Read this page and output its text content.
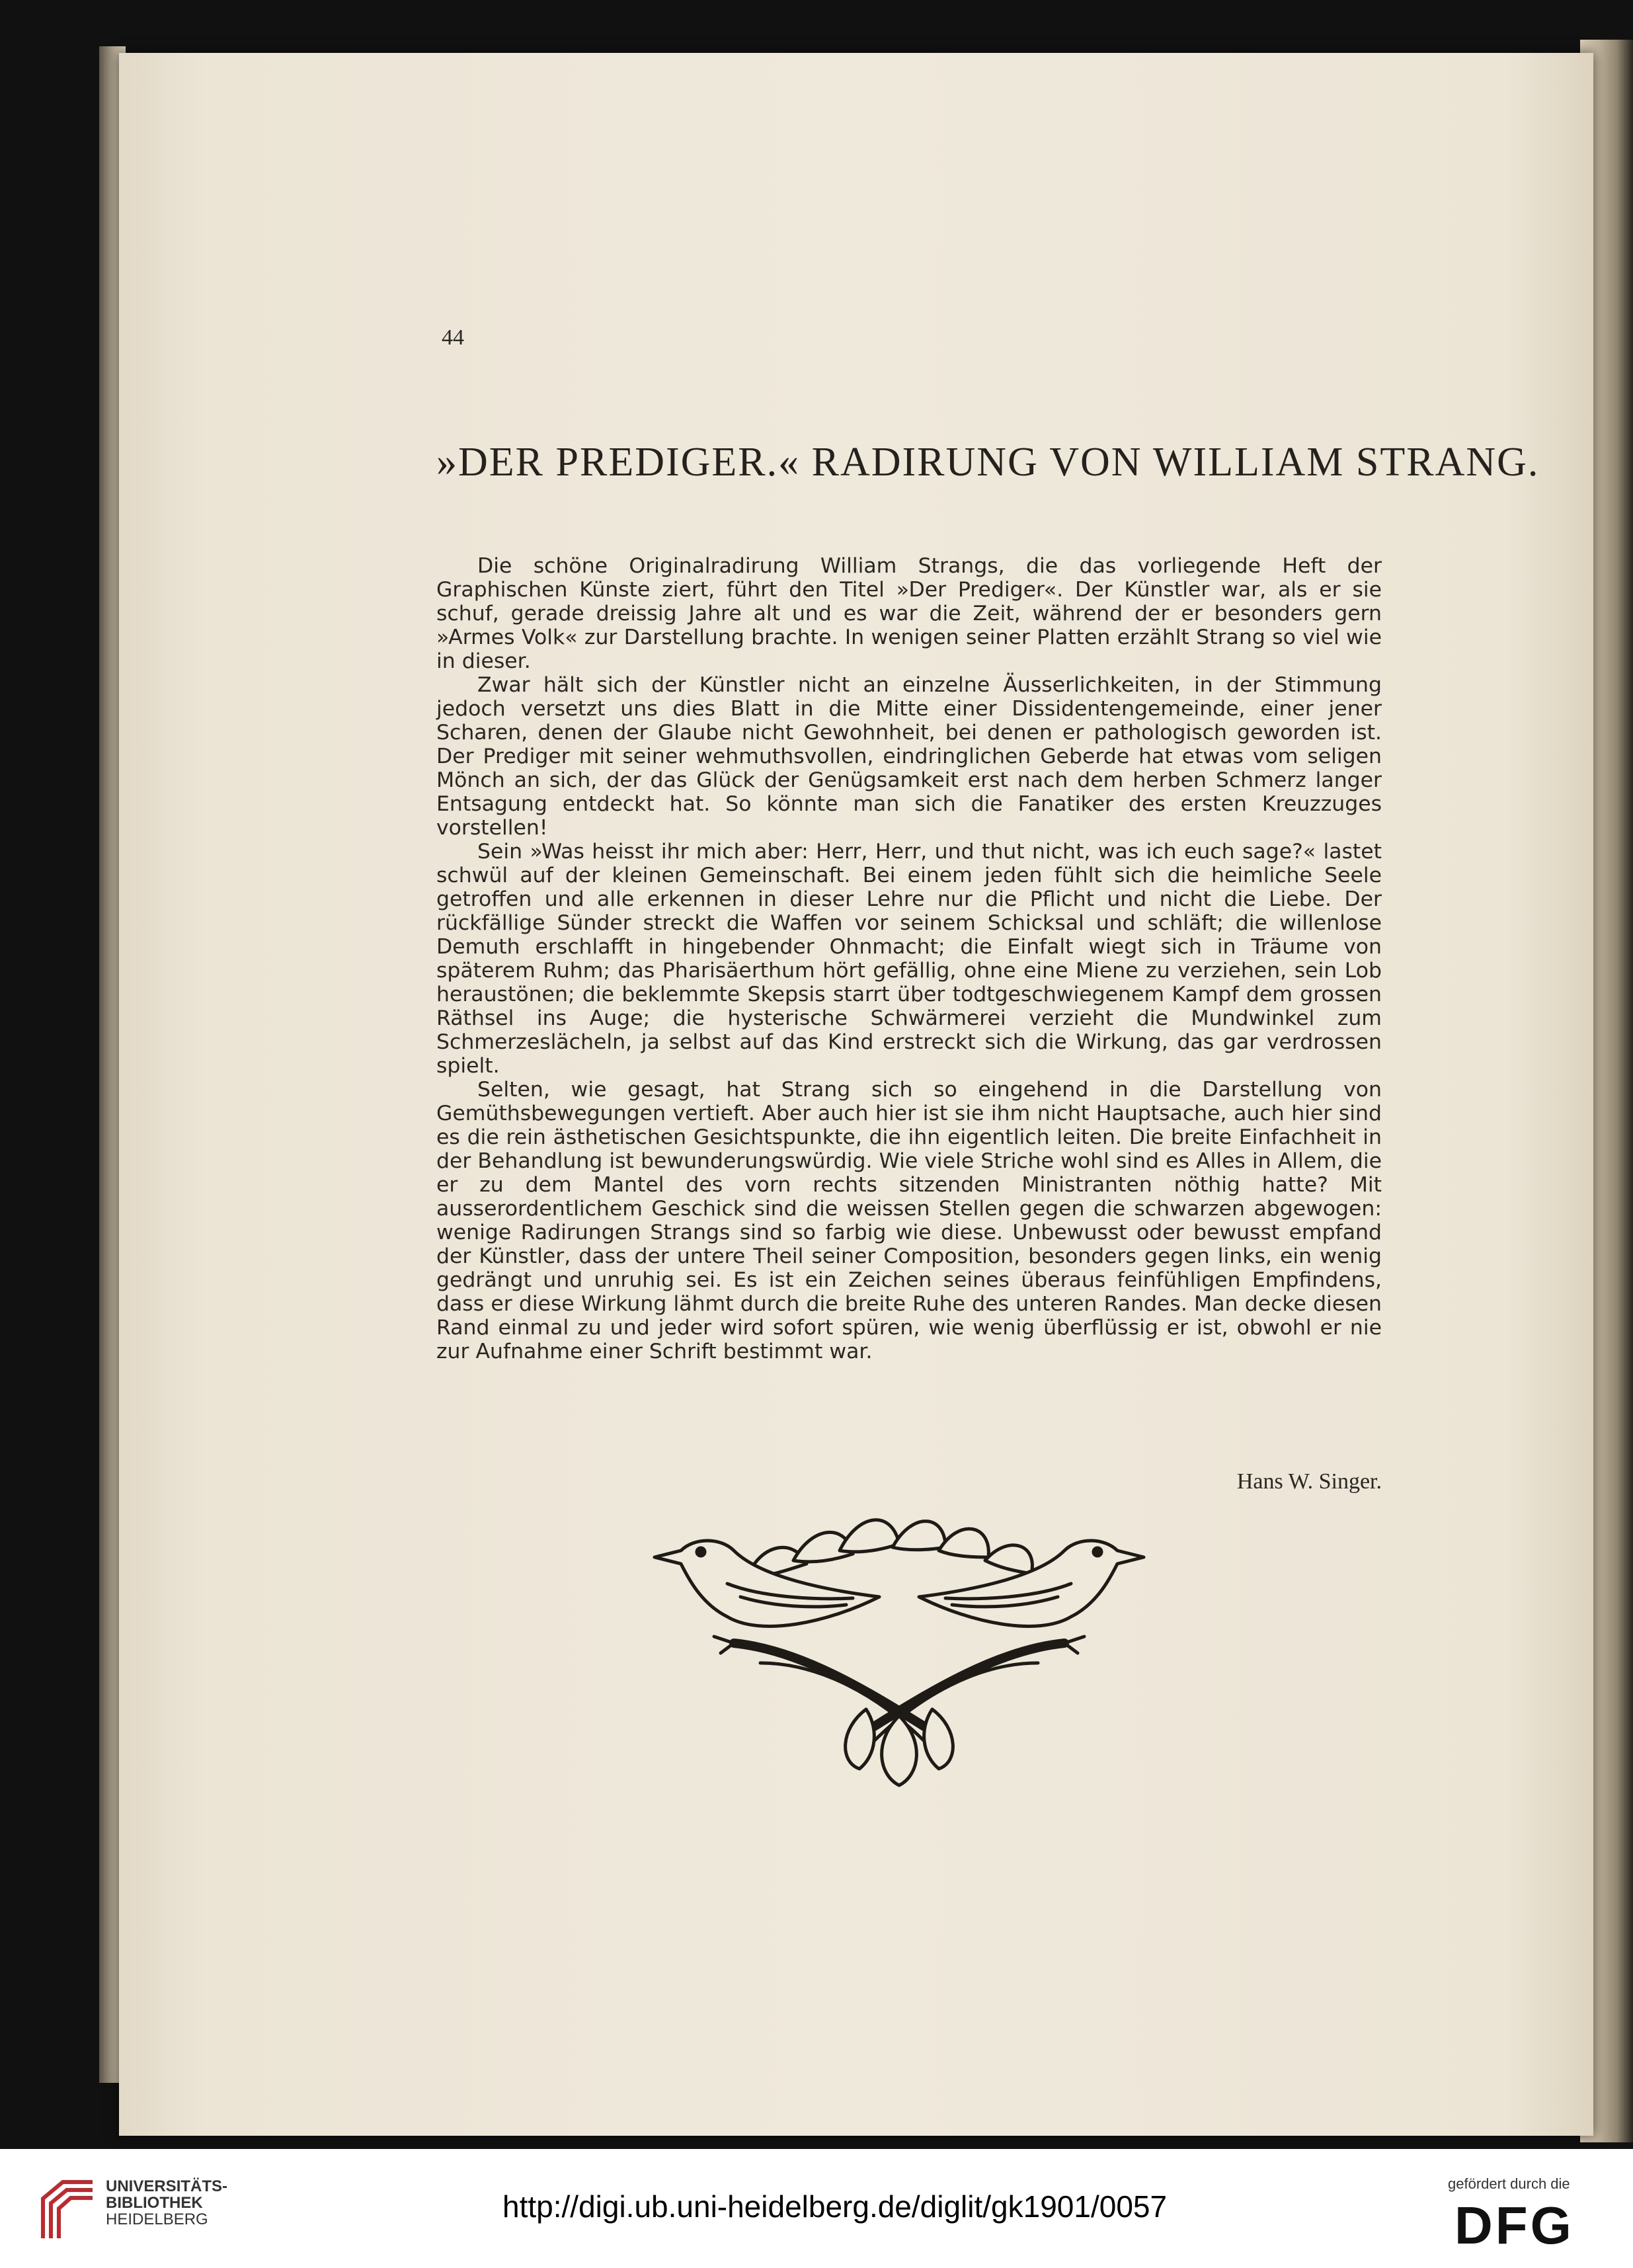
44
»DER PREDIGER.« RADIRUNG VON WILLIAM STRANG.

Die schöne Originalradirung William Strangs, die das vorliegende Heft der Graphischen Künste ziert, führt den Titel »Der Prediger«. Der Künstler war, als er sie schuf, gerade dreissig Jahre alt und es war die Zeit, während der er besonders gern »Armes Volk« zur Darstellung brachte. In wenigen seiner Platten erzählt Strang so viel wie in dieser.

Zwar hält sich der Künstler nicht an einzelne Äusserlichkeiten, in der Stimmung jedoch versetzt uns dies Blatt in die Mitte einer Dissidentengemeinde, einer jener Scharen, denen der Glaube nicht Gewohnheit, bei denen er pathologisch geworden ist. Der Prediger mit seiner wehmuthsvollen, eindringlichen Geberde hat etwas vom seligen Mönch an sich, der das Glück der Genügsamkeit erst nach dem herben Schmerz langer Entsagung entdeckt hat. So könnte man sich die Fanatiker des ersten Kreuzzuges vorstellen!

Sein »Was heisst ihr mich aber: Herr, Herr, und thut nicht, was ich euch sage?« lastet schwül auf der kleinen Gemeinschaft. Bei einem jeden fühlt sich die heimliche Seele getroffen und alle erkennen in dieser Lehre nur die Pflicht und nicht die Liebe. Der rückfällige Sünder streckt die Waffen vor seinem Schicksal und schläft; die willenlose Demuth erschlafft in hingebender Ohnmacht; die Einfalt wiegt sich in Träume von späterem Ruhm; das Pharisäerthum hört gefällig, ohne eine Miene zu verziehen, sein Lob heraustönen; die beklemmte Skepsis starrt über todtgeschwiegenem Kampf dem grossen Räthsel ins Auge; die hysterische Schwärmerei verzieht die Mundwinkel zum Schmerzeslächeln, ja selbst auf das Kind erstreckt sich die Wirkung, das gar verdrossen spielt.

Selten, wie gesagt, hat Strang sich so eingehend in die Darstellung von Gemüthsbewegungen vertieft. Aber auch hier ist sie ihm nicht Hauptsache, auch hier sind es die rein ästhetischen Gesichtspunkte, die ihn eigentlich leiten. Die breite Einfachheit in der Behandlung ist bewunderungswürdig. Wie viele Striche wohl sind es Alles in Allem, die er zu dem Mantel des vorn rechts sitzenden Ministranten nöthig hatte? Mit ausserordentlichem Geschick sind die weissen Stellen gegen die schwarzen abgewogen: wenige Radirungen Strangs sind so farbig wie diese. Unbewusst oder bewusst empfand der Künstler, dass der untere Theil seiner Composition, besonders gegen links, ein wenig gedrängt und unruhig sei. Es ist ein Zeichen seines überaus feinfühligen Empfindens, dass er diese Wirkung lähmt durch die breite Ruhe des unteren Randes. Man decke diesen Rand einmal zu und jeder wird sofort spüren, wie wenig überflüssig er ist, obwohl er nie zur Aufnahme einer Schrift bestimmt war.

Hans W. Singer.
UNIVERSITÄTS-
BIBLIOTHEK
HEIDELBERG	http://digi.ub.uni-heidelberg.de/diglit/gk1901/0057
gefördert durch die
DFG
